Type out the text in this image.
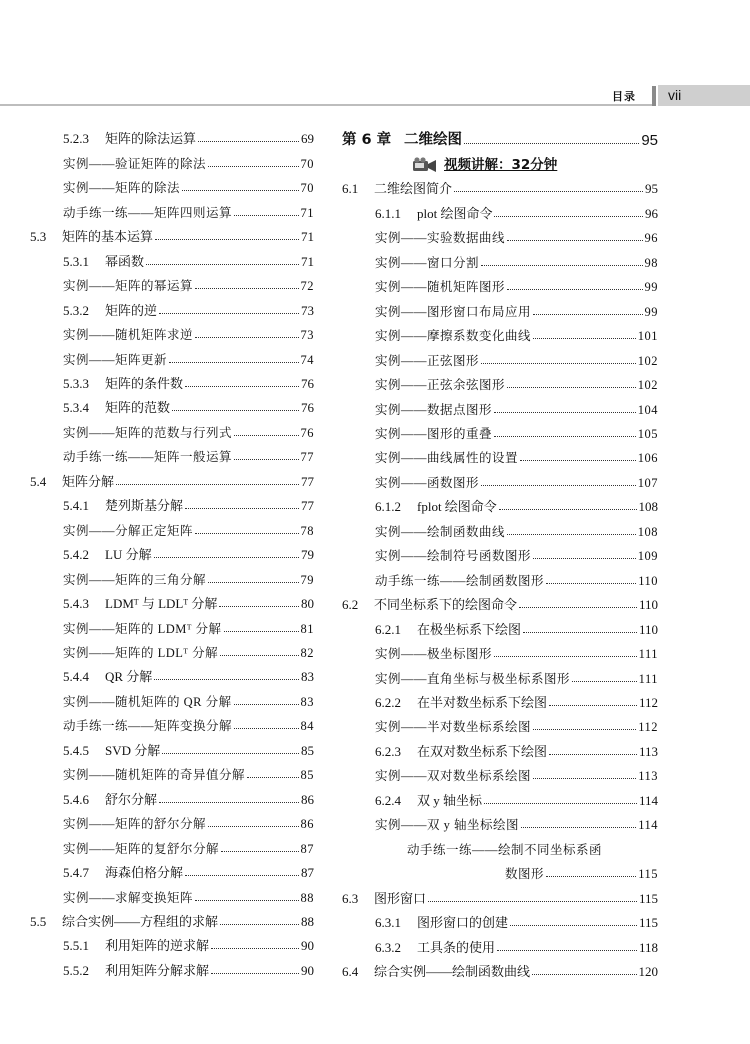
目录	vii
5.2.3	矩阵的除法运算	69
实例——验证矩阵的除法	70
实例——矩阵的除法	70
动手练一练——矩阵四则运算	71
5.3	矩阵的基本运算	71
5.3.1	幂函数	71
实例——矩阵的幂运算	72
5.3.2	矩阵的逆	73
实例——随机矩阵求逆	73
实例——矩阵更新	74
5.3.3	矩阵的条件数	76
5.3.4	矩阵的范数	76
实例——矩阵的范数与行列式	76
动手练一练——矩阵一般运算	77
5.4	矩阵分解	77
5.4.1	楚列斯基分解	77
实例——分解正定矩阵	78
5.4.2	LU 分解	79
实例——矩阵的三角分解	79
5.4.3	LDMᵀ 与 LDLᵀ 分解	80
实例——矩阵的 LDMᵀ 分解	81
实例——矩阵的 LDLᵀ 分解	82
5.4.4	QR 分解	83
实例——随机矩阵的 QR 分解	83
动手练一练——矩阵变换分解	84
5.4.5	SVD 分解	85
实例——随机矩阵的奇异值分解	85
5.4.6	舒尔分解	86
实例——矩阵的舒尔分解	86
实例——矩阵的复舒尔分解	87
5.4.7	海森伯格分解	87
实例——求解变换矩阵	88
5.5	综合实例——方程组的求解	88
5.5.1	利用矩阵的逆求解	90
5.5.2	利用矩阵分解求解	90
第 6 章 二维绘图	95
视频讲解：32分钟
6.1	二维绘图简介	95
6.1.1	plot 绘图命令	96
实例——实验数据曲线	96
实例——窗口分割	98
实例——随机矩阵图形	99
实例——图形窗口布局应用	99
实例——摩擦系数变化曲线	101
实例——正弦图形	102
实例——正弦余弦图形	102
实例——数据点图形	104
实例——图形的重叠	105
实例——曲线属性的设置	106
实例——函数图形	107
6.1.2	fplot 绘图命令	108
实例——绘制函数曲线	108
实例——绘制符号函数图形	109
动手练一练——绘制函数图形	110
6.2	不同坐标系下的绘图命令	110
6.2.1	在极坐标系下绘图	110
实例——极坐标图形	111
实例——直角坐标与极坐标系图形	111
6.2.2	在半对数坐标系下绘图	112
实例——半对数坐标系绘图	112
6.2.3	在双对数坐标系下绘图	113
实例——双对数坐标系绘图	113
6.2.4	双 y 轴坐标	114
实例——双 y 轴坐标绘图	114
动手练一练——绘制不同坐标系函
数图形	115
6.3	图形窗口	115
6.3.1	图形窗口的创建	115
6.3.2	工具条的使用	118
6.4	综合实例——绘制函数曲线	120
